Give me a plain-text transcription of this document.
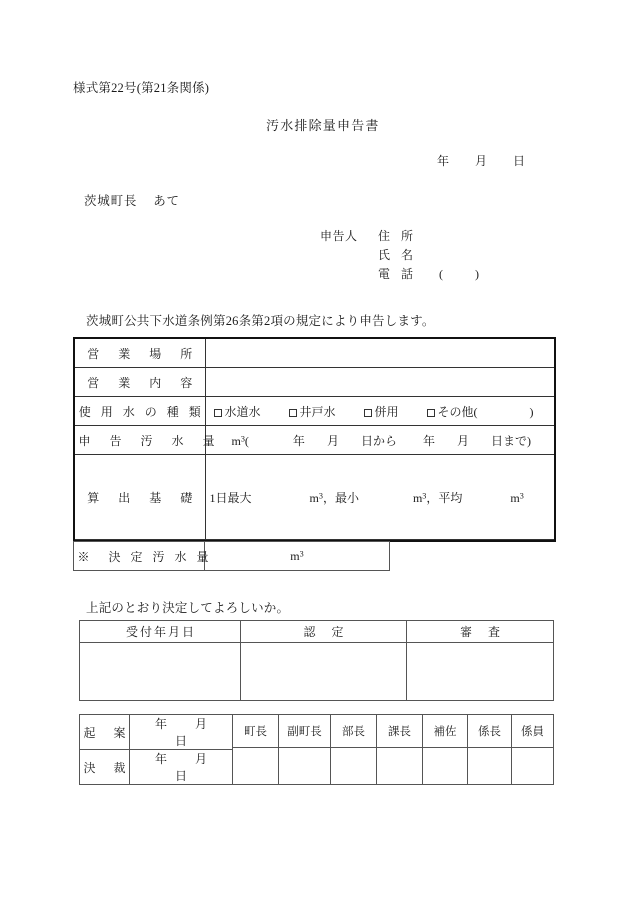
様式第22号(第21条関係)
汚水排除量申告書
年 月 日
茨城町長 あて
申告人 住 所
氏 名
電 話 (	)
茨城町公共下水道条例第26条第2項の規定により申告します。
営　業　場　所	
営　業　内　容	
使 用 水 の 種 類	水道水 井戸水 併用 その他( )

申　告　汚　水　量	$m^3$( 年 月 日から 年 月 日まで)

算　出　基　礎	1日最大 $m^3$，最小 $m^3$，平均 $m^3$

※　決 定 汚 水 量	$m^3$
上記のとおり決定してよろしいか。
受付年月日	認　定	審　査

起　案	年 月日	町長	副町長	部長	課長	補佐	係長	係員

決　裁	年 月日							
